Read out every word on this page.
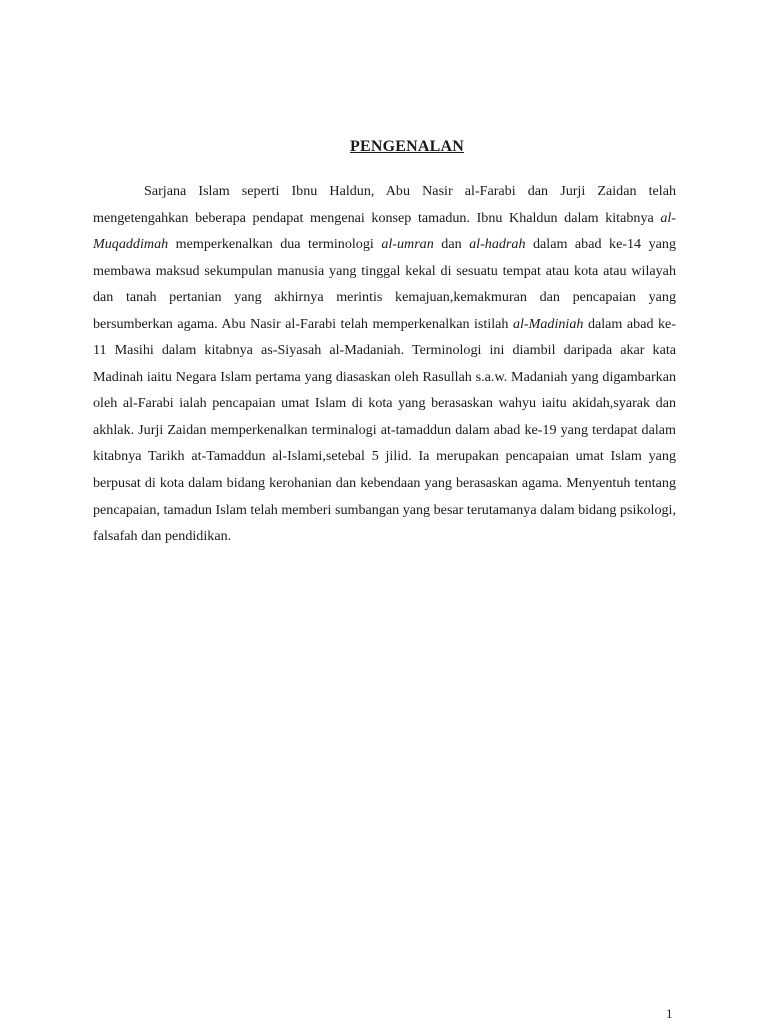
PENGENALAN

Sarjana Islam seperti Ibnu Haldun, Abu Nasir al-Farabi dan Jurji Zaidan telah mengetengahkan beberapa pendapat mengenai konsep tamadun. Ibnu Khaldun dalam kitabnya al-Muqaddimah memperkenalkan dua terminologi al-umran dan al-hadrah dalam abad ke-14 yang membawa maksud sekumpulan manusia yang tinggal kekal di sesuatu tempat atau kota atau wilayah dan tanah pertanian yang akhirnya merintis kemajuan,kemakmuran dan pencapaian yang bersumberkan agama. Abu Nasir al-Farabi telah memperkenalkan istilah al-Madiniah dalam abad ke-11 Masihi dalam kitabnya as-Siyasah al-Madaniah. Terminologi ini diambil daripada akar kata Madinah iaitu Negara Islam pertama yang diasaskan oleh Rasullah s.a.w. Madaniah yang digambarkan oleh al-Farabi ialah pencapaian umat Islam di kota yang berasaskan wahyu iaitu akidah,syarak dan akhlak. Jurji Zaidan memperkenalkan terminalogi at-tamaddun dalam abad ke-19 yang terdapat dalam kitabnya Tarikh at-Tamaddun al-Islami,setebal 5 jilid. Ia merupakan pencapaian umat Islam yang berpusat di kota dalam bidang kerohanian dan kebendaan yang berasaskan agama. Menyentuh tentang pencapaian, tamadun Islam telah memberi sumbangan yang besar terutamanya dalam bidang psikologi, falsafah dan pendidikan.

1
